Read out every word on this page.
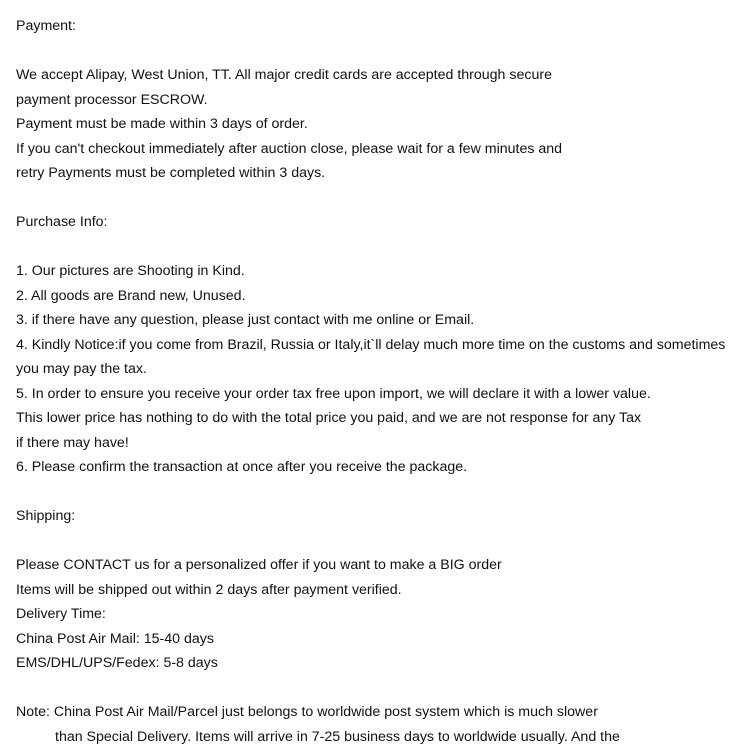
Payment:
We accept Alipay, West Union, TT. All major credit cards are accepted through secure
payment processor ESCROW.
Payment must be made within 3 days of order.
If you can't checkout immediately after auction close, please wait for a few minutes and
retry Payments must be completed within 3 days.
Purchase Info:
1. Our pictures are Shooting in Kind.
2. All goods are Brand new, Unused.
3. if there have any question, please just contact with me online or Email.
4. Kindly Notice:if you come from Brazil, Russia or Italy,it`ll delay much more time on the customs and sometimes
you may pay the tax.
5. In order to ensure you receive your order tax free upon import, we will declare it with a lower value.
This lower price has nothing to do with the total price you paid, and we are not response for any Tax
if there may have!
6. Please confirm the transaction at once after you receive the package.
Shipping:
Please CONTACT us for a personalized offer if you want to make a BIG order
Items will be shipped out within 2 days after payment verified.
Delivery Time:
China Post Air Mail: 15-40 days
EMS/DHL/UPS/Fedex: 5-8 days
Note: China Post Air Mail/Parcel just belongs to worldwide post system which is much slower
than Special Delivery. Items will arrive in 7-25 business days to worldwide usually. And the
